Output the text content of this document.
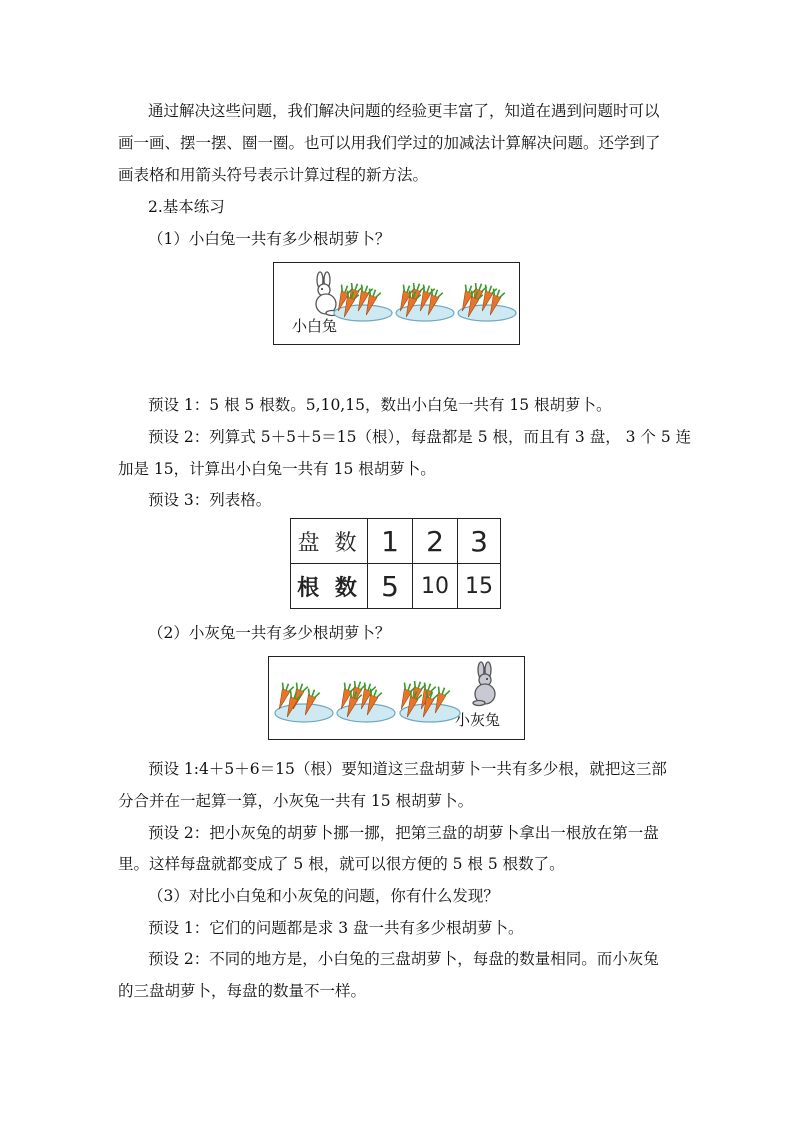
通过解决这些问题，我们解决问题的经验更丰富了，知道在遇到问题时可以

画一画、摆一摆、圈一圈。也可以用我们学过的加减法计算解决问题。还学到了

画表格和用箭头符号表示计算过程的新方法。

2.基本练习

（1）小白兔一共有多少根胡萝卜？

小白兔

预设 1：5 根 5 根数。5,10,15，数出小白兔一共有 15 根胡萝卜。

预设 2：列算式 5＋5＋5＝15（根），每盘都是 5 根，而且有 3 盘， 3 个 5 连

加是 15，计算出小白兔一共有 15 根胡萝卜。

预设 3：列表格。

盘 数	1	2	3
根 数	5	10	15

（2）小灰兔一共有多少根胡萝卜？

小灰兔

预设 1:4＋5＋6＝15（根）要知道这三盘胡萝卜一共有多少根，就把这三部

分合并在一起算一算，小灰兔一共有 15 根胡萝卜。

预设 2：把小灰兔的胡萝卜挪一挪，把第三盘的胡萝卜拿出一根放在第一盘

里。这样每盘就都变成了 5 根，就可以很方便的 5 根 5 根数了。

（3）对比小白兔和小灰兔的问题，你有什么发现？

预设 1：它们的问题都是求 3 盘一共有多少根胡萝卜。

预设 2：不同的地方是，小白兔的三盘胡萝卜，每盘的数量相同。而小灰兔

的三盘胡萝卜，每盘的数量不一样。
